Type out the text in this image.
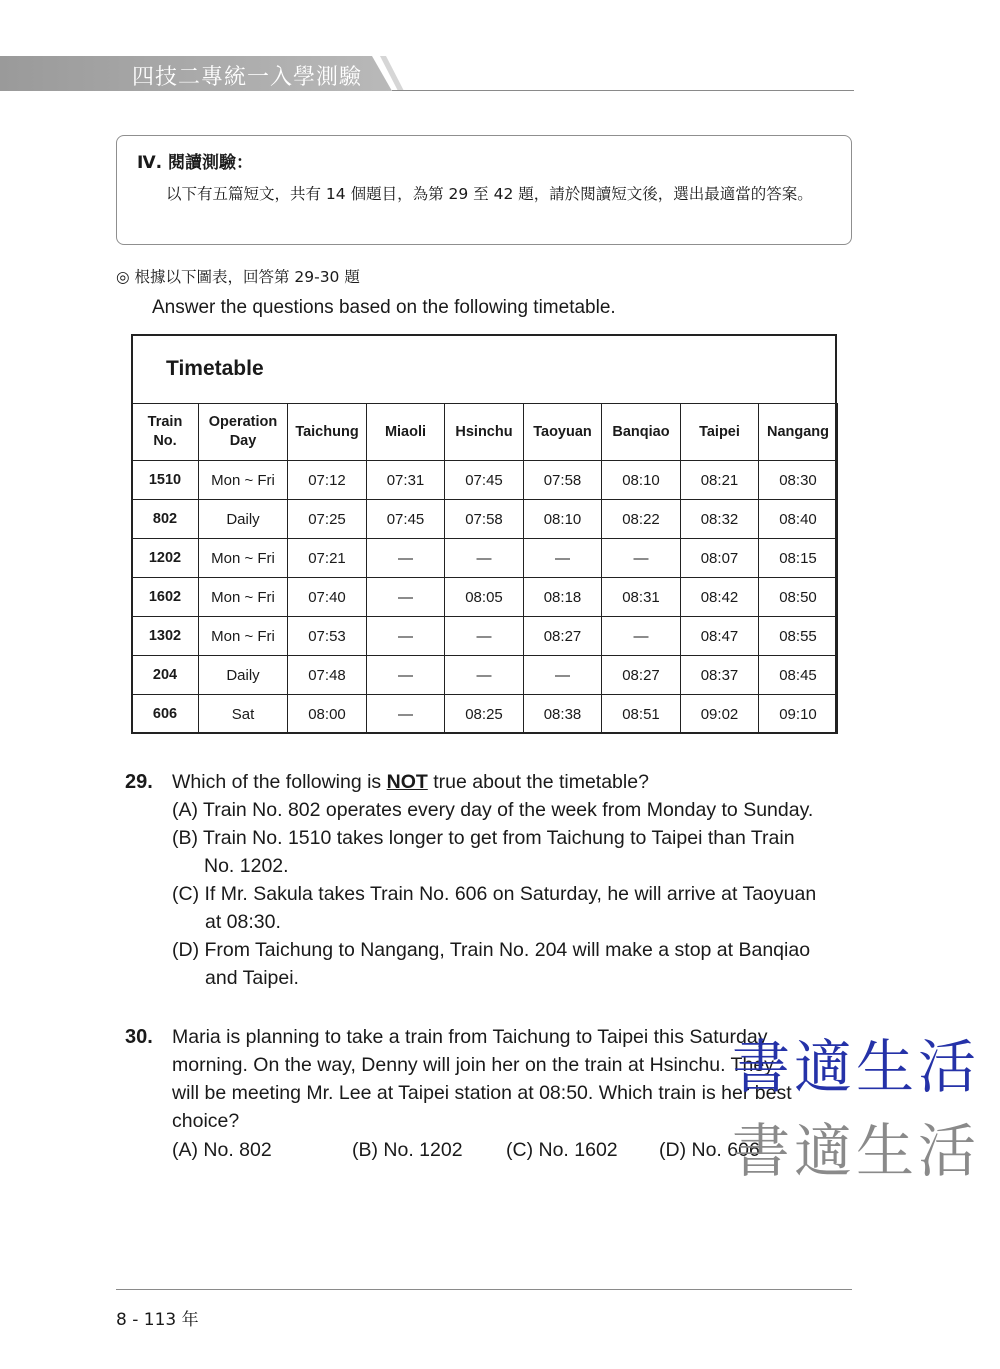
四技二專統一入學測驗
Ⅳ. 閱讀測驗：
以下有五篇短文，共有 14 個題目，為第 29 至 42 題，請於閱讀短文後，選出最適當的答案。
◎ 根據以下圖表，回答第 29-30 題
Answer the questions based on the following timetable.
Timetable
Train
No.	Operation
Day	Taichung	Miaoli	Hsinchu	Taoyuan	Banqiao	Taipei	Nangang
1510	Mon ~ Fri	07:12	07:31	07:45	07:58	08:10	08:21	08:30
802	Daily	07:25	07:45	07:58	08:10	08:22	08:32	08:40
1202	Mon ~ Fri	07:21	—	—	—	—	08:07	08:15
1602	Mon ~ Fri	07:40	—	08:05	08:18	08:31	08:42	08:50
1302	Mon ~ Fri	07:53	—	—	08:27	—	08:47	08:55
204	Daily	07:48	—	—	—	08:27	08:37	08:45
606	Sat	08:00	—	08:25	08:38	08:51	09:02	09:10
29. Which of the following is NOT true about the timetable?
(A) Train No. 802 operates every day of the week from Monday to Sunday.
(B) Train No. 1510 takes longer to get from Taichung to Taipei than Train
No. 1202.
(C) If Mr. Sakula takes Train No. 606 on Saturday, he will arrive at Taoyuan
at 08:30.
(D) From Taichung to Nangang, Train No. 204 will make a stop at Banqiao
and Taipei.
30. Maria is planning to take a train from Taichung to Taipei this Saturday
morning. On the way, Denny will join her on the train at Hsinchu. They
will be meeting Mr. Lee at Taipei station at 08:50. Which train is her best
choice?
(A) No. 802	(B) No. 1202 (C) No. 1602 (D) No. 606
書適生活
書適生活
8 - 113 年
